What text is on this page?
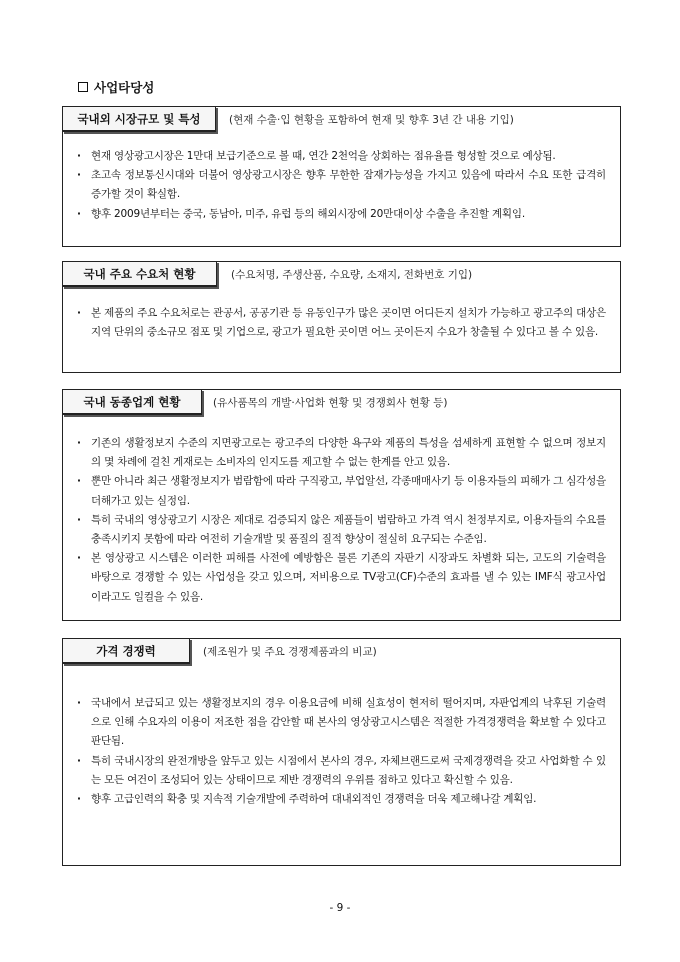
사업타당성
국내외 시장규모 및 특성	(현재 수출·입 현황을 포함하여 현재 및 향후 3년 간 내용 기입)
· 현재 영상광고시장은 1만대 보급기준으로 볼 때, 연간 2천억을 상회하는 점유율를 형성할 것으로 예상됨.
· 초고속 정보통신시대와 더불어 영상광고시장은 향후 무한한 잠재가능성을 가지고 있음에 따라서 수요 또한 급격히 증가할 것이 확실함.
· 향후 2009년부터는 중국, 동남아, 미주, 유럽 등의 해외시장에 20만대이상 수출을 추진할 계획임.
국내 주요 수요처 현황	(수요처명, 주생산품, 수요량, 소재지, 전화번호 기입)
· 본 제품의 주요 수요처로는 관공서, 공공기관 등 유동인구가 많은 곳이면 어디든지 설치가 가능하고 광고주의 대상은 지역 단위의 중소규모 점포 및 기업으로, 광고가 필요한 곳이면 어느 곳이든지 수요가 창출될 수 있다고 볼 수 있음.
국내 동종업계 현황	(유사품목의 개발·사업화 현황 및 경쟁회사 현황 등)
· 기존의 생활정보지 수준의 지면광고로는 광고주의 다양한 욕구와 제품의 특성을 섬세하게 표현할 수 없으며 정보지의 몇 차례에 걸친 게재로는 소비자의 인지도를 제고할 수 없는 한계를 안고 있음.
· 뿐만 아니라 최근 생활정보지가 범람함에 따라 구직광고, 부업알선, 각종매매사기 등 이용자들의 피해가 그 심각성을 더해가고 있는 실정임.
· 특히 국내의 영상광고기 시장은 제대로 검증되지 않은 제품들이 범람하고 가격 역시 천정부지로, 이용자들의 수요를 충족시키지 못함에 따라 여전히 기술개발 및 품질의 질적 향상이 절실히 요구되는 수준임.
· 본 영상광고 시스템은 이러한 피해를 사전에 예방함은 물론 기존의 자판기 시장과도 차별화 되는, 고도의 기술력을 바탕으로 경쟁할 수 있는 사업성을 갖고 있으며, 저비용으로 TV광고(CF)수준의 효과를 낼 수 있는 IMF식 광고사업이라고도 일컬을 수 있음.
가격 경쟁력	(제조원가 및 주요 경쟁제품과의 비교)
· 국내에서 보급되고 있는 생활정보지의 경우 이용요금에 비해 실효성이 현저히 떨어지며, 자판업계의 낙후된 기술력으로 인해 수요자의 이용이 저조한 점을 감안할 때 본사의 영상광고시스템은 적절한 가격경쟁력을 확보할 수 있다고 판단됨.
· 특히 국내시장의 완전개방을 앞두고 있는 시점에서 본사의 경우, 자체브랜드로써 국제경쟁력을 갖고 사업화할 수 있는 모든 여건이 조성되어 있는 상태이므로 제반 경쟁력의 우위를 점하고 있다고 확신할 수 있음.
· 향후 고급인력의 확충 및 지속적 기술개발에 주력하여 대내외적인 경쟁력을 더욱 제고해나갈 계획임.
- 9 -
